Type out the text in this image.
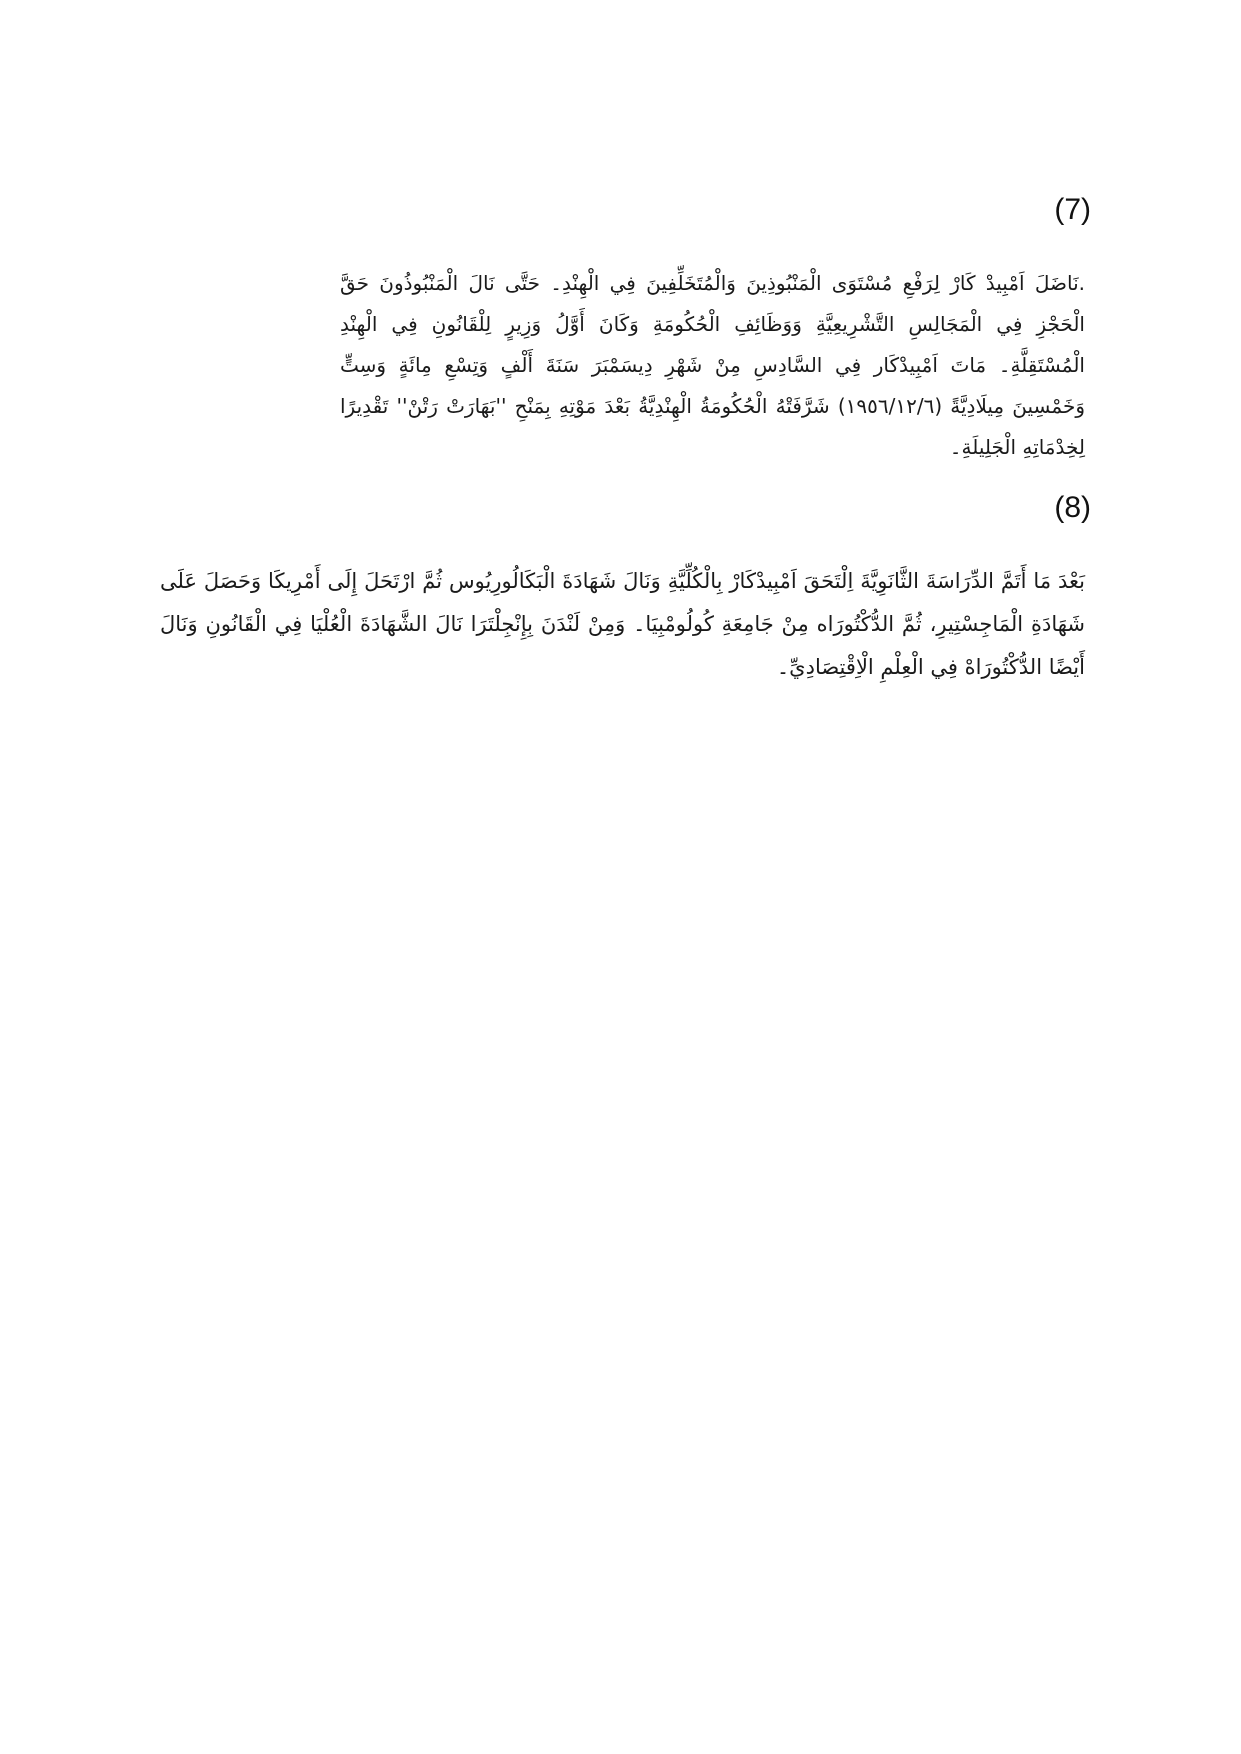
(7)

.نَاضَلَ اَمْبِيدْ كَارْ لِرَفْعِ مُسْتَوَى الْمَنْبُوذِينَ وَالْمُتَخَلِّفِينَ فِي الْهِنْدِ۔ حَتَّى نَالَ الْمَنْبُوذُونَ حَقَّ الْحَجْزِ فِي الْمَجَالِسِ التَّشْرِيعِيَّةِ وَوَظَائِفِ الْحُكُومَةِ وَكَانَ أَوَّلُ وَزِيرٍ لِلْقَانُونِ فِي الْهِنْدِ الْمُسْتَقِلَّةِ۔ مَاتَ اَمْبِيدْكَار فِي السَّادِسِ مِنْ شَهْرِ دِيسَمْبَرَ سَنَةَ أَلْفٍ وَتِسْعِ مِائَةٍ وَسِتٍّ وَخَمْسِينَ مِيلَادِيَّةً (١٩٥٦/١٢/٦) شَرَّفَتْهُ الْحُكُومَةُ الْهِنْدِيَّةُ بَعْدَ مَوْتِهِ بِمَنْحِ ''بَهَارَتْ رَتْنْ'' تَقْدِيرًا لِخِدْمَاتِهِ الْجَلِيلَةِ۔

(8)

بَعْدَ مَا أَتَمَّ الدِّرَاسَةَ الثَّانَوِيَّةَ اِلْتَحَقَ اَمْبِيدْكَارْ بِالْكُلِّيَّةِ وَنَالَ شَهَادَةَ الْبَكَالُورِيُوس ثُمَّ ارْتَحَلَ إِلَى أَمْرِيكَا وَحَصَلَ عَلَى شَهَادَةِ الْمَاجِسْتِيرِ، ثُمَّ الدُّكْتُورَاه مِنْ جَامِعَةِ كُولُومْبِيَا۔ وَمِنْ لَنْدَنَ بِإِنْجِلْتَرَا نَالَ الشَّهَادَةَ الْعُلْيَا فِي الْقَانُونِ وَنَالَ أَيْضًا الدُّكْتُورَاهْ فِي الْعِلْمِ الْاِقْتِصَادِيِّ۔
